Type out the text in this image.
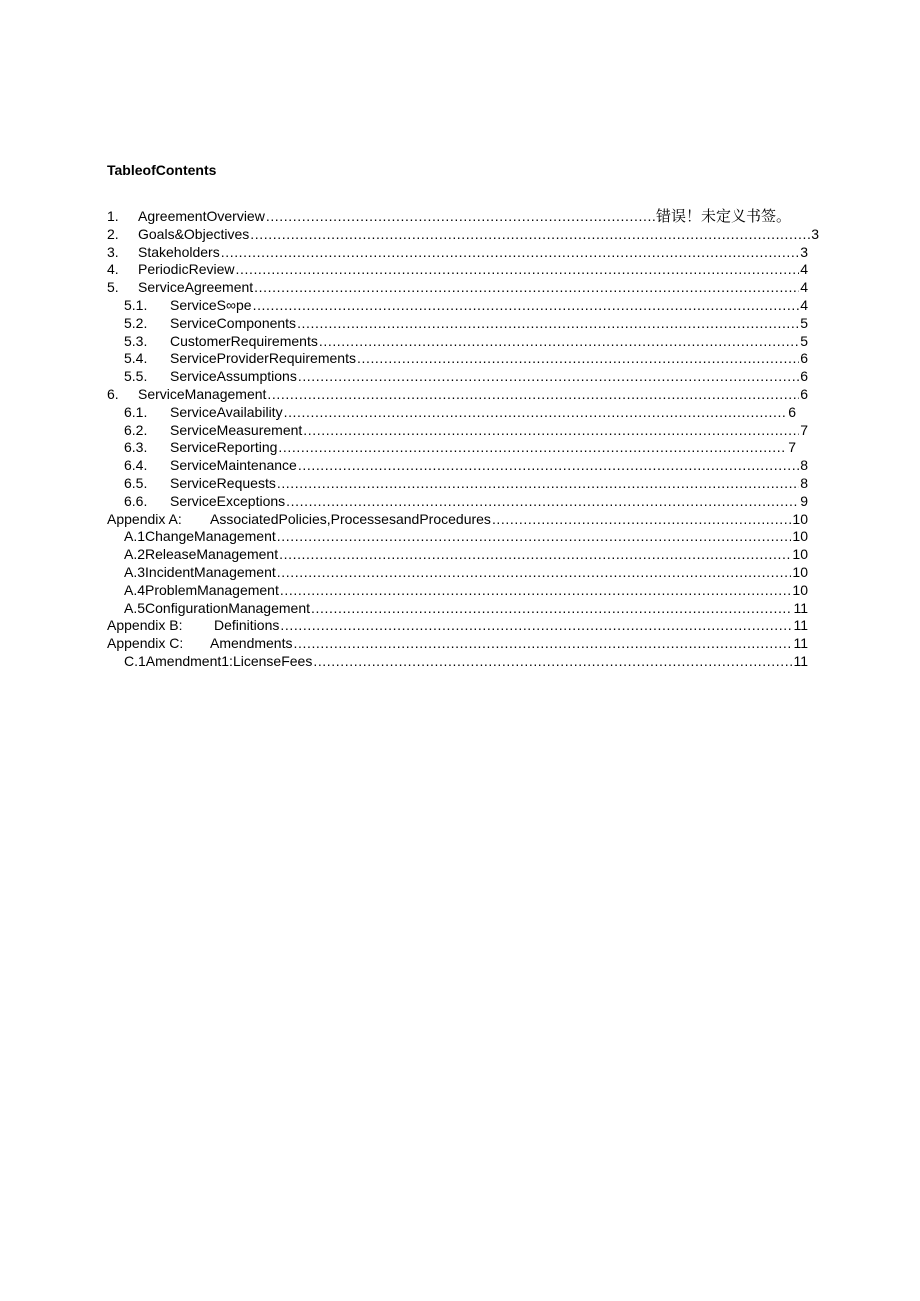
TableofContents
1.	AgreementOverview .....	错误！未定义书签。
2.	Goals&Objectives .....	3
3.	Stakeholders .....	3
4.	PeriodicReview .....	4
5.	ServiceAgreement .....	4
5.1.	ServiceS∞pe .....	4
5.2.	ServiceComponents .....	5
5.3.	CustomerRequirements .....	5
5.4.	ServiceProviderRequirements .....	6
5.5.	ServiceAssumptions .....	6
6.	ServiceManagement .....	6
6.1.	ServiceAvailability .....	6
6.2.	ServiceMeasurement .....	7
6.3.	ServiceReporting .....	7
6.4.	ServiceMaintenance .....	8
6.5.	ServiceRequests .....	8
6.6.	ServiceExceptions .....	9
Appendix A:	AssociatedPolicies,ProcessesandProcedures .....	10
A.1ChangeManagement .....	10
A.2ReleaseManagement .....	10
A.3IncidentManagement .....	10
A.4ProblemManagement .....	10
A.5ConfigurationManagement .....	11
Appendix B:	Definitions .....	11
Appendix C:	Amendments .....	11
C.1Amendment1:LicenseFees .....	11
